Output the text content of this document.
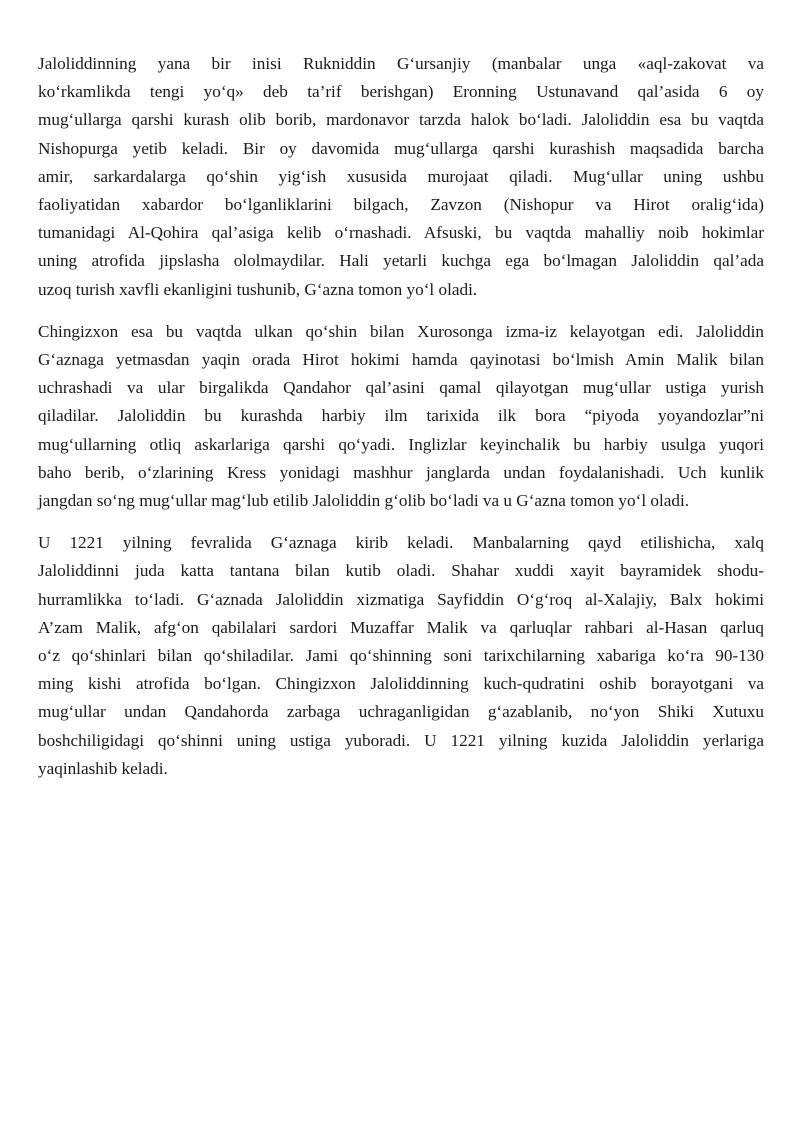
Jaloliddinning yana bir inisi Rukniddin G‘ursanjiy (manbalar unga «aql-zakovat va
ko‘rkamlikda tengi yo‘q» deb ta’rif berishgan) Eronning Ustunavand qal’asida 6 oy
mug‘ullarga qarshi kurash olib borib, mardonavor tarzda halok bo‘ladi. Jaloliddin esa bu vaqtda
Nishopurga yetib keladi. Bir oy davomida mug‘ullarga qarshi kurashish maqsadida barcha
amir, sarkardalarga qo‘shin yig‘ish xususida murojaat qiladi. Mug‘ullar uning ushbu
faoliyatidan xabardor bo‘lganliklarini bilgach, Zavzon (Nishopur va Hirot oralig‘ida)
tumanidagi Al-Qohira qal’asiga kelib o‘rnashadi. Afsuski, bu vaqtda mahalliy noib hokimlar
uning atrofida jipslasha ololmaydilar. Hali yetarli kuchga ega bo‘lmagan Jaloliddin qal’ada
uzoq turish xavfli ekanligini tushunib, G‘azna tomon yo‘l oladi.

Chingizxon esa bu vaqtda ulkan qo‘shin bilan Xurosonga izma-iz kelayotgan edi. Jaloliddin
G‘aznaga yetmasdan yaqin orada Hirot hokimi hamda qayinotasi bo‘lmish Amin Malik bilan
uchrashadi va ular birgalikda Qandahor qal’asini qamal qilayotgan mug‘ullar ustiga yurish
qiladilar. Jaloliddin bu kurashda harbiy ilm tarixida ilk bora “piyoda yoyandozlar”ni
mug‘ullarning otliq askarlariga qarshi qo‘yadi. Inglizlar keyinchalik bu harbiy usulga yuqori
baho berib, o‘zlarining Kress yonidagi mashhur janglarda undan foydalanishadi. Uch kunlik
jangdan so‘ng mug‘ullar mag‘lub etilib Jaloliddin g‘olib bo‘ladi va u G‘azna tomon yo‘l oladi.

U 1221 yilning fevralida G‘aznaga kirib keladi. Manbalarning qayd etilishicha, xalq
Jaloliddinni juda katta tantana bilan kutib oladi. Shahar xuddi xayit bayramidek shodu-
hurramlikka to‘ladi. G‘aznada Jaloliddin xizmatiga Sayfiddin O‘g‘roq al-Xalajiy, Balx hokimi
A’zam Malik, afg‘on qabilalari sardori Muzaffar Malik va qarluqlar rahbari al-Hasan qarluq
o‘z qo‘shinlari bilan qo‘shiladilar. Jami qo‘shinning soni tarixchilarning xabariga ko‘ra 90-130
ming kishi atrofida bo‘lgan. Chingizxon Jaloliddinning kuch-qudratini oshib borayotgani va
mug‘ullar undan Qandahorda zarbaga uchraganligidan g‘azablanib, no‘yon Shiki Xutuxu
boshchiligidagi qo‘shinni uning ustiga yuboradi. U 1221 yilning kuzida Jaloliddin yerlariga
yaqinlashib keladi.
